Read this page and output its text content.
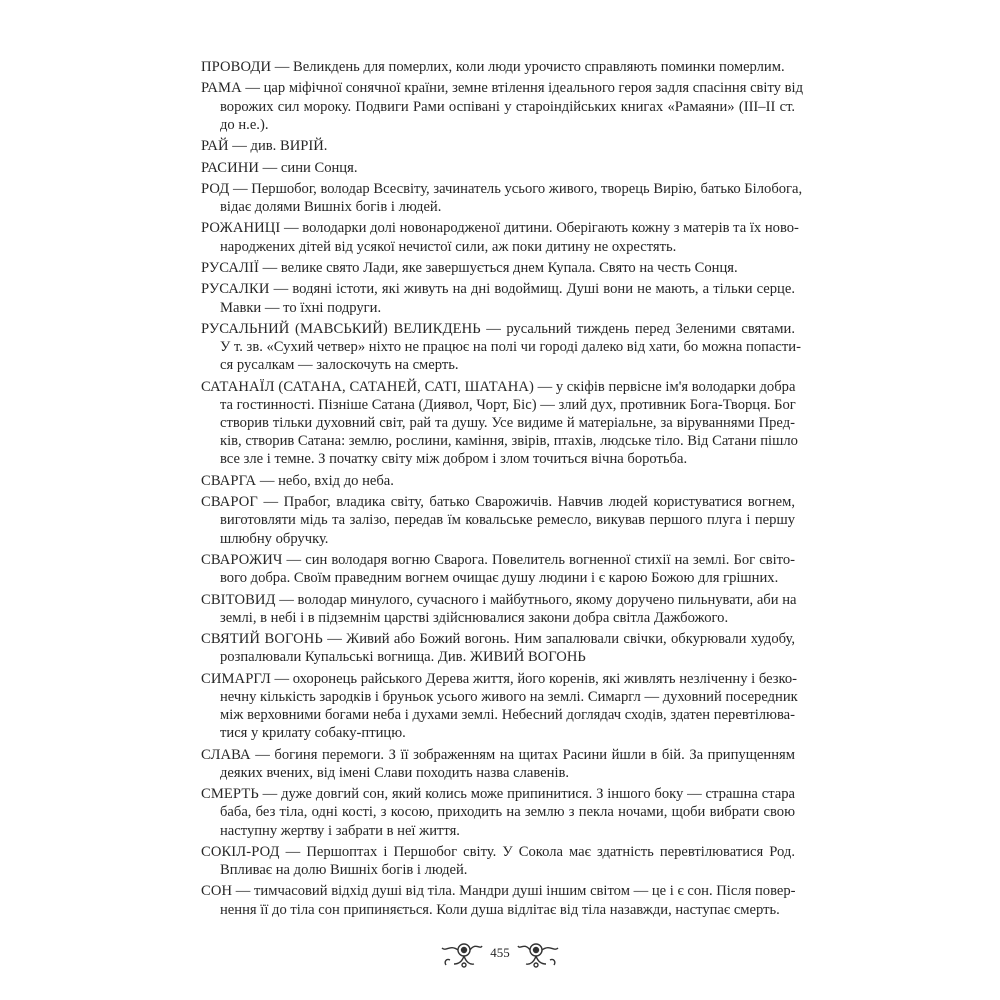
ПРОВОДИ — Великдень для померлих, коли люди урочисто справляють поминки померлим.
РАМА — цар міфічної сонячної країни, земне втілення ідеального героя задля спасіння світу від
ворожих сил мороку. Подвиги Рами оспівані у староіндійських книгах «Рамаяни» (ІІІ–ІІ ст.
до н.е.).
РАЙ — див. ВИРІЙ.
РАСИНИ — сини Сонця.
РОД — Першобог, володар Всесвіту, зачинатель усього живого, творець Вирію, батько Білобога,
відає долями Вишніх богів і людей.
РОЖАНИЦІ — володарки долі новонародженої дитини. Оберігають кожну з матерів та їх ново-
народжених дітей від усякої нечистої сили, аж поки дитину не охрестять.
РУСАЛІЇ — велике свято Лади, яке завершується днем Купала. Свято на честь Сонця.
РУСАЛКИ — водяні істоти, які живуть на дні водоймищ. Душі вони не мають, а тільки серце.
Мавки — то їхні подруги.
РУСАЛЬНИЙ (МАВСЬКИЙ) ВЕЛИКДЕНЬ — русальний тиждень перед Зеленими святами.
У т. зв. «Сухий четвер» ніхто не працює на полі чи городі далеко від хати, бо можна попасти-
ся русалкам — залоскочуть на смерть.
САТАНАЇЛ (САТАНА, САТАНЕЙ, САТІ, ШАТАНА) — у скіфів первісне ім'я володарки добра
та гостинності. Пізніше Сатана (Диявол, Чорт, Біс) — злий дух, противник Бога-Творця. Бог
створив тільки духовний світ, рай та душу. Усе видиме й матеріальне, за віруваннями Пред-
ків, створив Сатана: землю, рослини, каміння, звірів, птахів, людське тіло. Від Сатани пішло
все зле і темне. З початку світу між добром і злом точиться вічна боротьба.
СВАРГА — небо, вхід до неба.
СВАРОГ — Прабог, владика світу, батько Сварожичів. Навчив людей користуватися вогнем,
виготовляти мідь та залізо, передав їм ковальське ремесло, викував першого плуга і першу
шлюбну обручку.
СВАРОЖИЧ — син володаря вогню Сварога. Повелитель вогненної стихії на землі. Бог світо-
вого добра. Своїм праведним вогнем очищає душу людини і є карою Божою для грішних.
СВІТОВИД — володар минулого, сучасного і майбутнього, якому доручено пильнувати, аби на
землі, в небі і в підземнім царстві здійснювалися закони добра світла Дажбожого.
СВЯТИЙ ВОГОНЬ — Живий або Божий вогонь. Ним запалювали свічки, обкурювали худобу,
розпалювали Купальські вогнища. Див. ЖИВИЙ ВОГОНЬ
СИМАРГЛ — охоронець райського Дерева життя, його коренів, які живлять незліченну і безко-
нечну кількість зародків і бруньок усього живого на землі. Симаргл — духовний посередник
між верховними богами неба і духами землі. Небесний доглядач сходів, здатен перевтілюва-
тися у крилату собаку-птицю.
СЛАВА — богиня перемоги. З її зображенням на щитах Расини йшли в бій. За припущенням
деяких вчених, від імені Слави походить назва славенів.
СМЕРТЬ — дуже довгий сон, який колись може припинитися. З іншого боку — страшна стара
баба, без тіла, одні кості, з косою, приходить на землю з пекла ночами, щоби вибрати свою
наступну жертву і забрати в неї життя.
СОКІЛ-РОД — Першоптах і Першобог світу. У Сокола має здатність перевтілюватися Род.
Впливає на долю Вишніх богів і людей.
СОН — тимчасовий відхід душі від тіла. Мандри душі іншим світом — це і є сон. Після повер-
нення її до тіла сон припиняється. Коли душа відлітає від тіла назавжди, наступає смерть.
455
